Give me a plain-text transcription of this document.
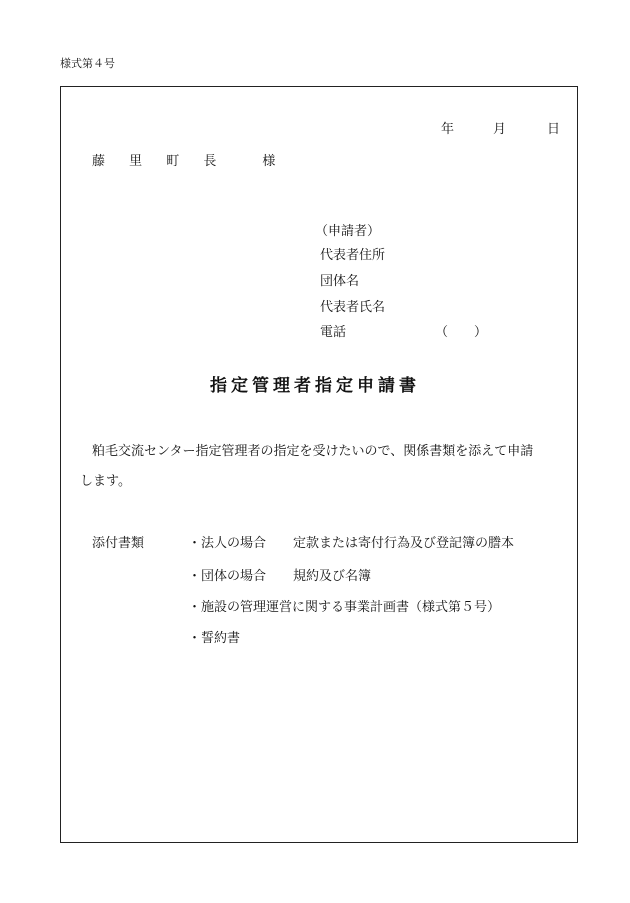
様式第４号
年	月	日
藤 里 町 長	様
（申請者）
代表者住所
団体名
代表者氏名
電話	（　　）
指定管理者指定申請書
粕毛交流センター指定管理者の指定を受けたいので、関係書類を添えて申請
します。
添付書類	・法人の場合 定款または寄付行為及び登記簿の謄本
・団体の場合 規約及び名簿
・施設の管理運営に関する事業計画書（様式第５号）
・誓約書
